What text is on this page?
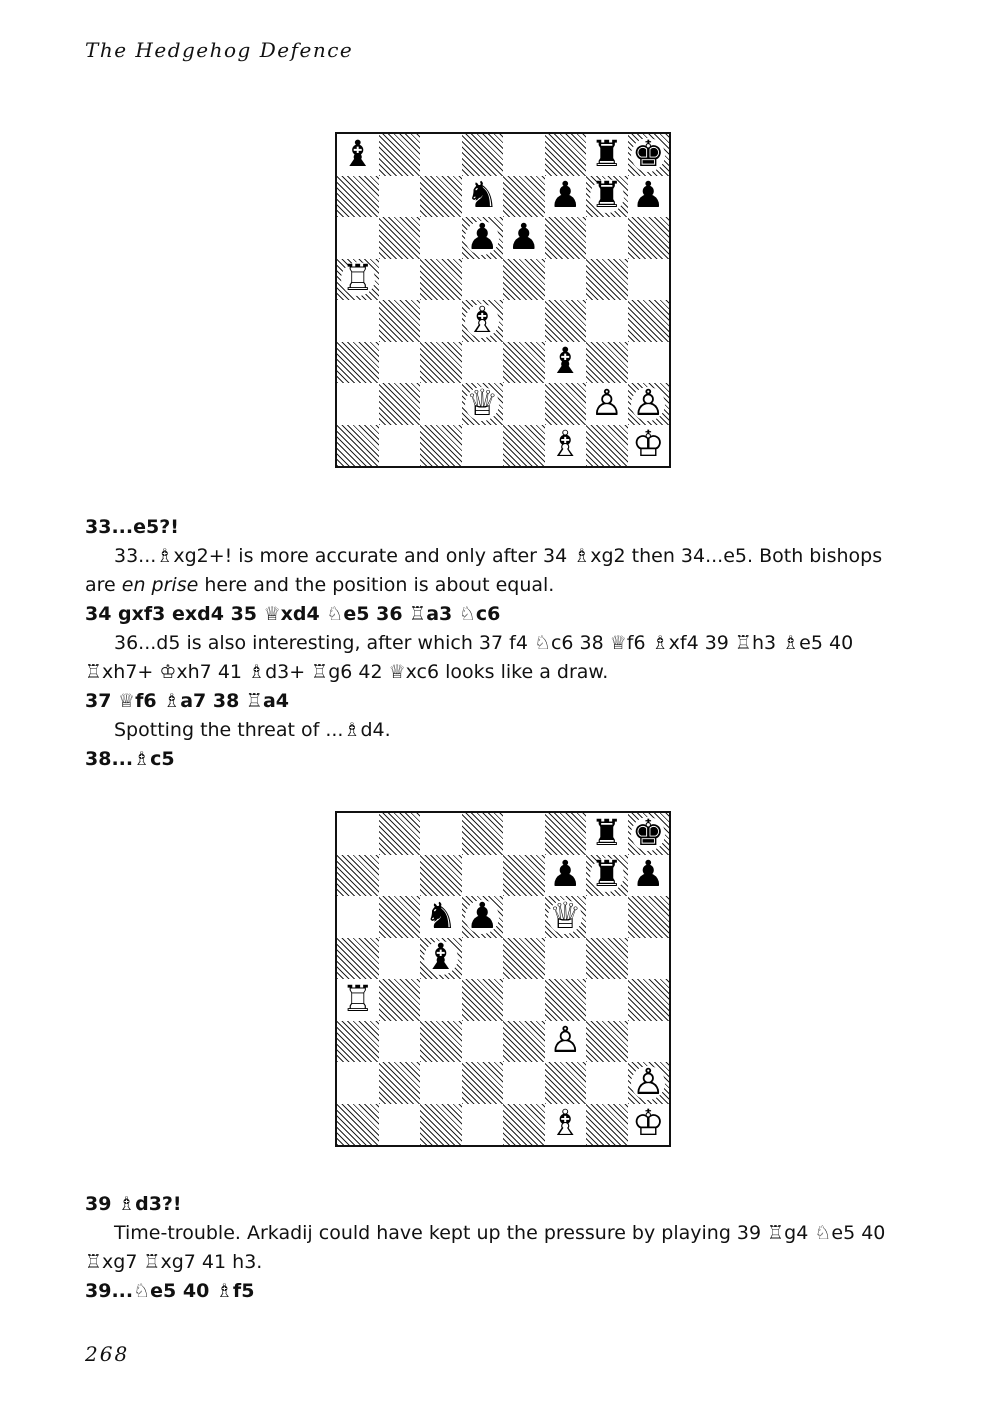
The Hedgehog Defence
♝	♜ ♚
♞ ♟ ♜ ♟
♟ ♟
♖
♗
♝
♕	♙ ♙
♗ ♔
33...e5?!
33...♗xg2+! is more accurate and only after 34 ♗xg2 then 34...e5. Both bishops are en prise here and the position is about equal.
34 gxf3 exd4 35 ♕xd4 ♘e5 36 ♖a3 ♘c6
36...d5 is also interesting, after which 37 f4 ♘c6 38 ♕f6 ♗xf4 39 ♖h3 ♗e5 40 ♖xh7+ ♔xh7 41 ♗d3+ ♖g6 42 ♕xc6 looks like a draw.
37 ♕f6 ♗a7 38 ♖a4
Spotting the threat of ...♗d4.
38...♗c5
♜ ♚
♟ ♜ ♟
♞ ♟ ♕
♝
♖
♙
♙
♗ ♔
39 ♗d3?!
Time-trouble. Arkadij could have kept up the pressure by playing 39 ♖g4 ♘e5 40 ♖xg7 ♖xg7 41 h3.
39...♘e5 40 ♗f5
268
